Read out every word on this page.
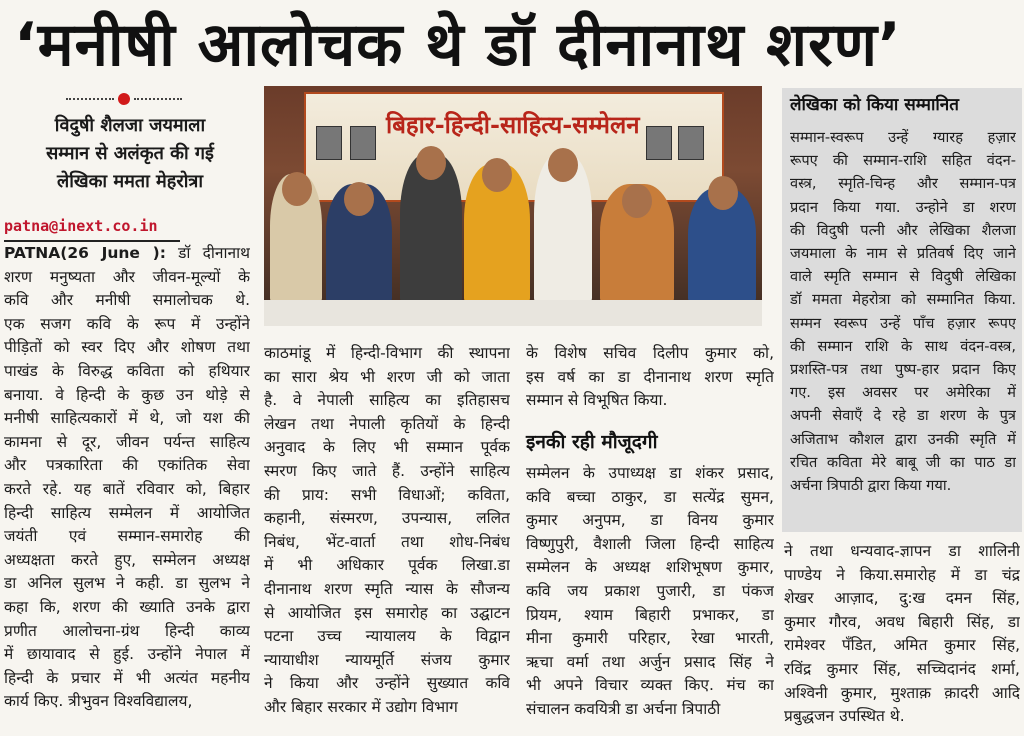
‘मनीषी आलोचक थे डॉ दीनानाथ शरण’
विदुषी शैलजा जयमाला
सम्मान से अलंकृत की गई
लेखिका ममता मेहरोत्रा
patna@inext.co.in
PATNA(26 June ): डॉ दीनानाथ
शरण मनुष्यता और जीवन-मूल्यों के
कवि और मनीषी समालोचक थे.
एक सजग कवि के रूप में उन्होंने
पीड़ितों को स्वर दिए और शोषण तथा
पाखंड के विरुद्ध कविता को हथियार
बनाया. वे हिन्दी के कुछ उन थोड़े से
मनीषी साहित्यकारों में थे, जो यश की
कामना से दूर, जीवन पर्यन्त साहित्य
और पत्रकारिता की एकांतिक सेवा
करते रहे. यह बातें रविवार को, बिहार
हिन्दी साहित्य सम्मेलन में आयोजित
जयंती एवं सम्मान-समारोह की
अध्यक्षता करते हुए, सम्मेलन अध्यक्ष
डा अनिल सुलभ ने कही. डा सुलभ ने
कहा कि, शरण की ख्याति उनके द्वारा
प्रणीत आलोचना-ग्रंथ हिन्दी काव्य
में छायावाद से हुई. उन्होंने नेपाल में
हिन्दी के प्रचार में भी अत्यंत महनीय
कार्य किए. त्रीभुवन विश्वविद्यालय,
बिहार-हिन्दी-साहित्य-सम्मेलन
काठमांडू में हिन्दी-विभाग की स्थापना
का सारा श्रेय भी शरण जी को जाता
है. वे नेपाली साहित्य का इतिहासच
लेखन तथा नेपाली कृतियों के हिन्दी
अनुवाद के लिए भी सम्मान पूर्वक
स्मरण किए जाते हैं. उन्होंने साहित्य
की प्राय: सभी विधाओं; कविता,
कहानी, संस्मरण, उपन्यास, ललित
निबंध, भेंट-वार्ता तथा शोध-निबंध
में भी अधिकार पूर्वक लिखा.डा
दीनानाथ शरण स्मृति न्यास के सौजन्य
से आयोजित इस समारोह का उद्घाटन
पटना उच्च न्यायालय के विद्वान
न्यायाधीश न्यायमूर्ति संजय कुमार
ने किया और उन्होंने सुख्यात कवि
और बिहार सरकार में उद्योग विभाग
के विशेष सचिव दिलीप कुमार को,
इस वर्ष का डा दीनानाथ शरण स्मृति
सम्मान से विभूषित किया.
इनकी रही मौजूदगी
सम्मेलन के उपाध्यक्ष डा शंकर प्रसाद,
कवि बच्चा ठाकुर, डा सत्येंद्र सुमन,
कुमार अनुपम, डा विनय कुमार
विष्णुपुरी, वैशाली जिला हिन्दी साहित्य
सम्मेलन के अध्यक्ष शशिभूषण कुमार,
कवि जय प्रकाश पुजारी, डा पंकज
प्रियम, श्याम बिहारी प्रभाकर, डा
मीना कुमारी परिहार, रेखा भारती,
ऋचा वर्मा तथा अर्जुन प्रसाद सिंह ने
भी अपने विचार व्यक्त किए. मंच का
संचालन कवयित्री डा अर्चना त्रिपाठी
लेखिका को किया सम्मानित
सम्मान-स्वरूप उन्हें ग्यारह हज़ार
रूपए की सम्मान-राशि सहित वंदन-
वस्त्र, स्मृति-चिन्ह और सम्मान-पत्र
प्रदान किया गया. उन्होने डा शरण
की विदुषी पत्नी और लेखिका शैलजा
जयमाला के नाम से प्रतिवर्ष दिए जाने
वाले स्मृति सम्मान से विदुषी लेखिका
डॉ ममता मेहरोत्रा को सम्मानित किया.
सम्मन स्वरूप उन्हें पाँच हज़ार रूपए
की सम्मान राशि के साथ वंदन-वस्त्र,
प्रशस्ति-पत्र तथा पुष्प-हार प्रदान किए
गए. इस अवसर पर अमेरिका में
अपनी सेवाएँ दे रहे डा शरण के पुत्र
अजिताभ कौशल द्वारा उनकी स्मृति में
रचित कविता मेरे बाबू जी का पाठ डा
अर्चना त्रिपाठी द्वारा किया गया.
ने तथा धन्यवाद-ज्ञापन डा शालिनी
पाण्डेय ने किया.समारोह में डा चंद्र
शेखर आज़ाद, दु:ख दमन सिंह,
कुमार गौरव, अवध बिहारी सिंह, डा
रामेश्वर पँडित, अमित कुमार सिंह,
रविंद्र कुमार सिंह, सच्चिदानंद शर्मा,
अश्विनी कुमार, मुश्ताक़ क़ादरी आदि
प्रबुद्धजन उपस्थित थे.
